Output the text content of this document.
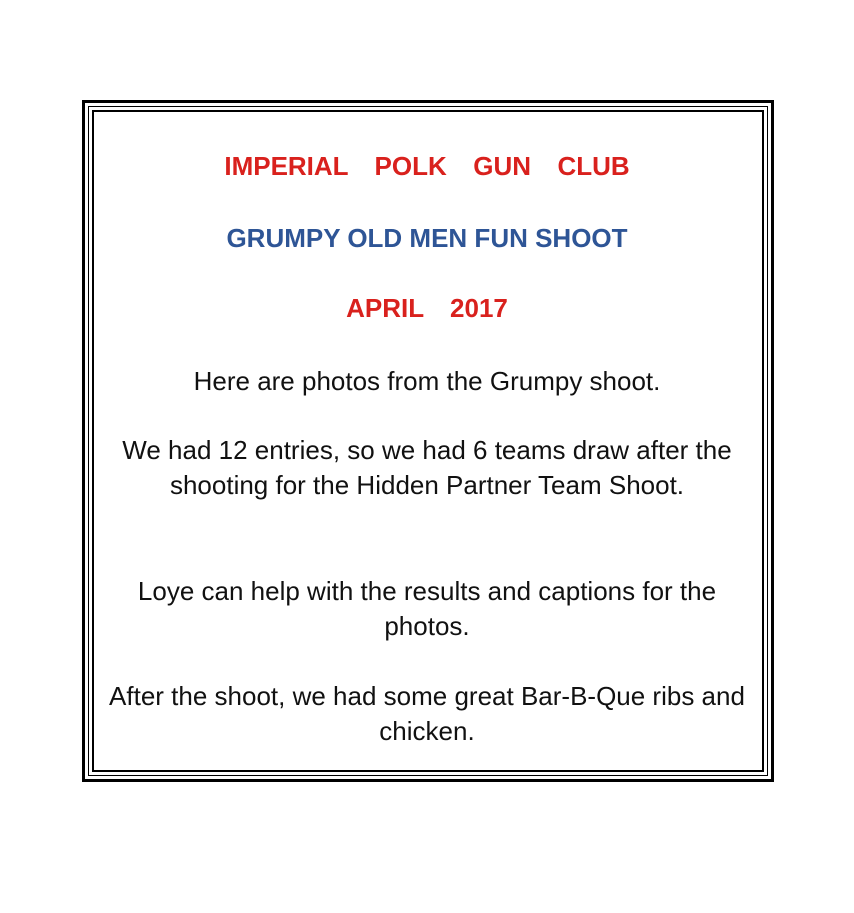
IMPERIAL  POLK  GUN  CLUB
GRUMPY OLD MEN FUN SHOOT
APRIL  2017

Here are photos from the Grumpy shoot.

We had 12 entries, so we had 6 teams draw after the shooting for the Hidden Partner Team Shoot.

Loye can help with the results and captions for the photos.

After the shoot, we had some great Bar-B-Que ribs and chicken.
